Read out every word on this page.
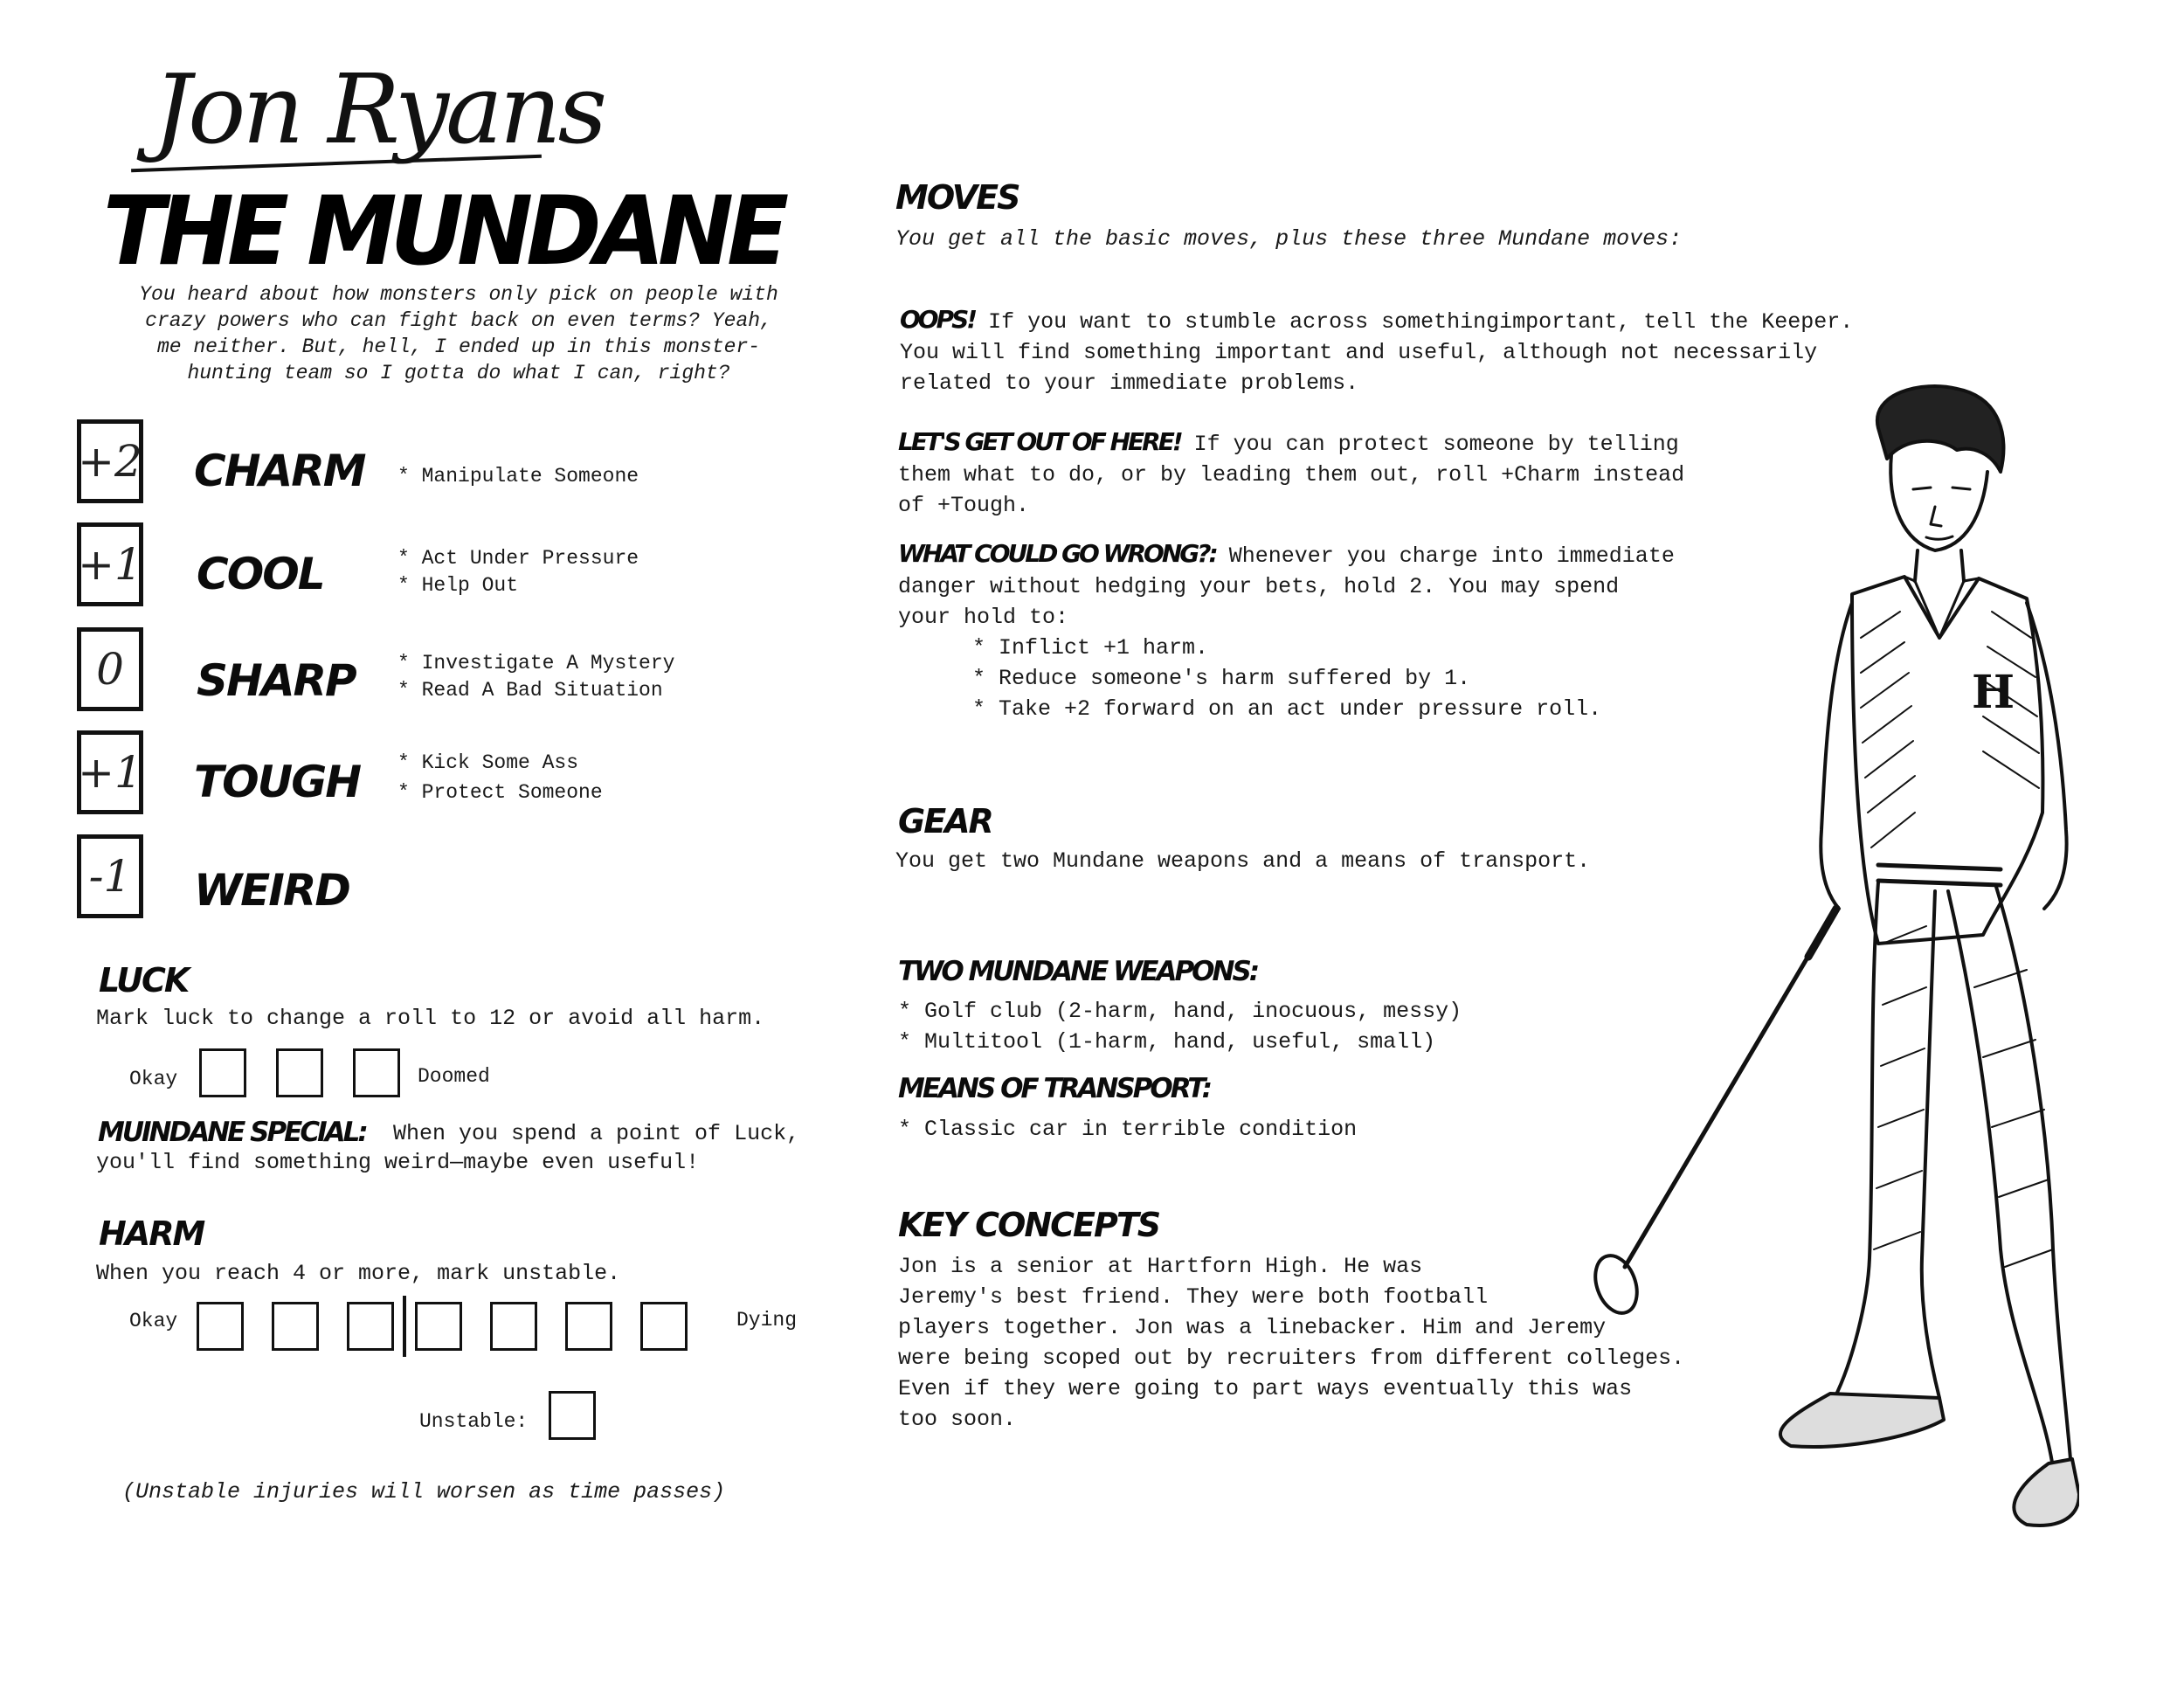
Jon Ryans
THE MUNDANE
You heard about how monsters only pick on people with crazy powers who can fight back on even terms? Yeah, me neither. But, hell, I ended up in this monster-hunting team so I gotta do what I can, right?
+2 CHARM * Manipulate Someone
+1 COOL	* Act Under Pressure
* Help Out
0	SHARP * Investigate A Mystery
* Read A Bad Situation
+1 TOUGH * Kick Some Ass
* Protect Someone
-1 WEIRD
LUCK
Mark luck to change a roll to 12 or avoid all harm.
Okay	Doomed
MUINDANE SPECIAL: When you spend a point of Luck,
you'll find something weird—maybe even useful!
HARM
When you reach 4 or more, mark unstable.
Okay	Dying
Unstable:
(Unstable injuries will worsen as time passes)
MOVES
You get all the basic moves, plus these three Mundane moves:
OOPS! If you want to stumble across somethingimportant, tell the Keeper.
You will find something important and useful, although not necessarily
related to your immediate problems.
LET'S GET OUT OF HERE! If you can protect someone by telling
them what to do, or by leading them out, roll +Charm instead
of +Tough.
WHAT COULD GO WRONG?: Whenever you charge into immediate
danger without hedging your bets, hold 2. You may spend
your hold to:
* Inflict +1 harm.
* Reduce someone's harm suffered by 1.
* Take +2 forward on an act under pressure roll.
GEAR
You get two Mundane weapons and a means of transport.
TWO MUNDANE WEAPONS:
* Golf club (2-harm, hand, inocuous, messy)
* Multitool (1-harm, hand, useful, small)
MEANS OF TRANSPORT:
* Classic car in terrible condition
KEY CONCEPTS
Jon is a senior at Hartforn High. He was
Jeremy's best friend. They were both football
players together. Jon was a linebacker. Him and Jeremy
were being scoped out by recruiters from different colleges.
Even if they were going to part ways eventually this was
too soon.
H
